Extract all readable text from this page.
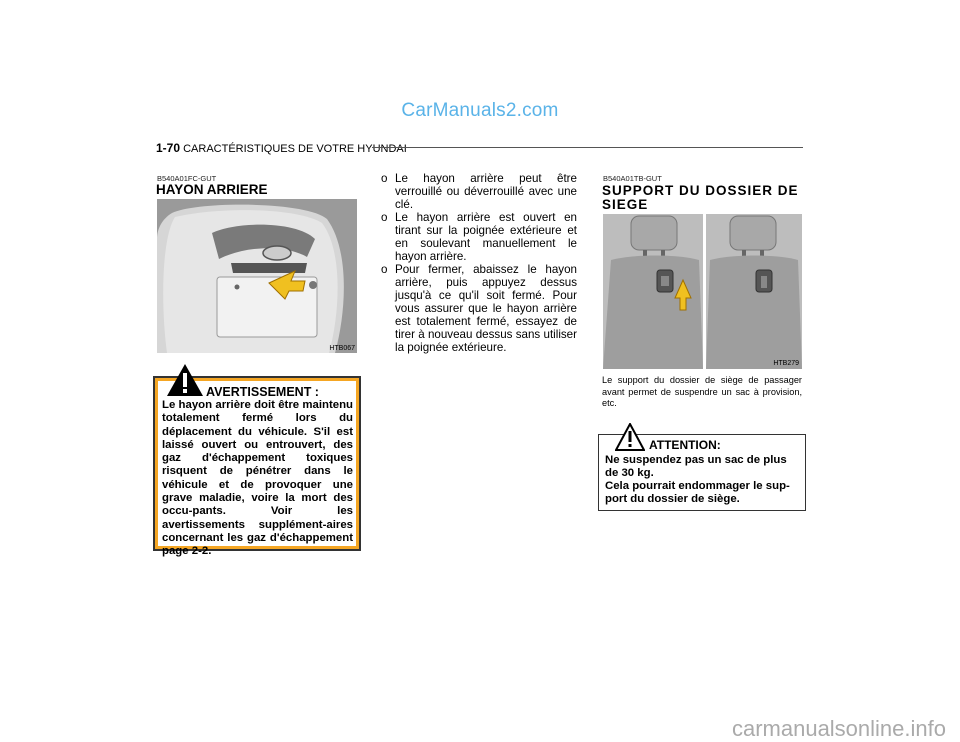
CarManuals2.com
1-70 CARACTÉRISTIQUES DE VOTRE HYUNDAI
B540A01FC-GUT
HAYON ARRIERE
HTB067
AVERTISSEMENT :
Le hayon arrière doit être maintenu totalement fermé lors du déplacement du véhicule. S'il est laissé ouvert ou entrouvert, des gaz d'échappement toxiques risquent de pénétrer dans le véhicule et de provoquer une grave maladie, voire la mort des occu-pants. Voir les avertissements supplément-aires concernant les gaz d'échappement page 2-2.
o Le hayon arrière peut être verrouillé ou déverrouillé avec une clé.
o Le hayon arrière est ouvert en tirant sur la poignée extérieure et en soulevant manuellement le hayon arrière.
o Pour fermer, abaissez le hayon arrière, puis appuyez dessus jusqu'à ce qu'il soit fermé. Pour vous assurer que le hayon arrière est totalement fermé, essayez de tirer à nouveau dessus sans utiliser la poignée extérieure.
B540A01TB-GUT
SUPPORT DU DOSSIER DE SIEGE
HTB279
Le support du dossier de siège de passager avant permet de suspendre un sac à provision, etc.
ATTENTION:
Ne suspendez pas un sac de plus de 30 kg.
Cela pourrait endommager le sup-port du dossier de siège.
carmanualsonline.info
